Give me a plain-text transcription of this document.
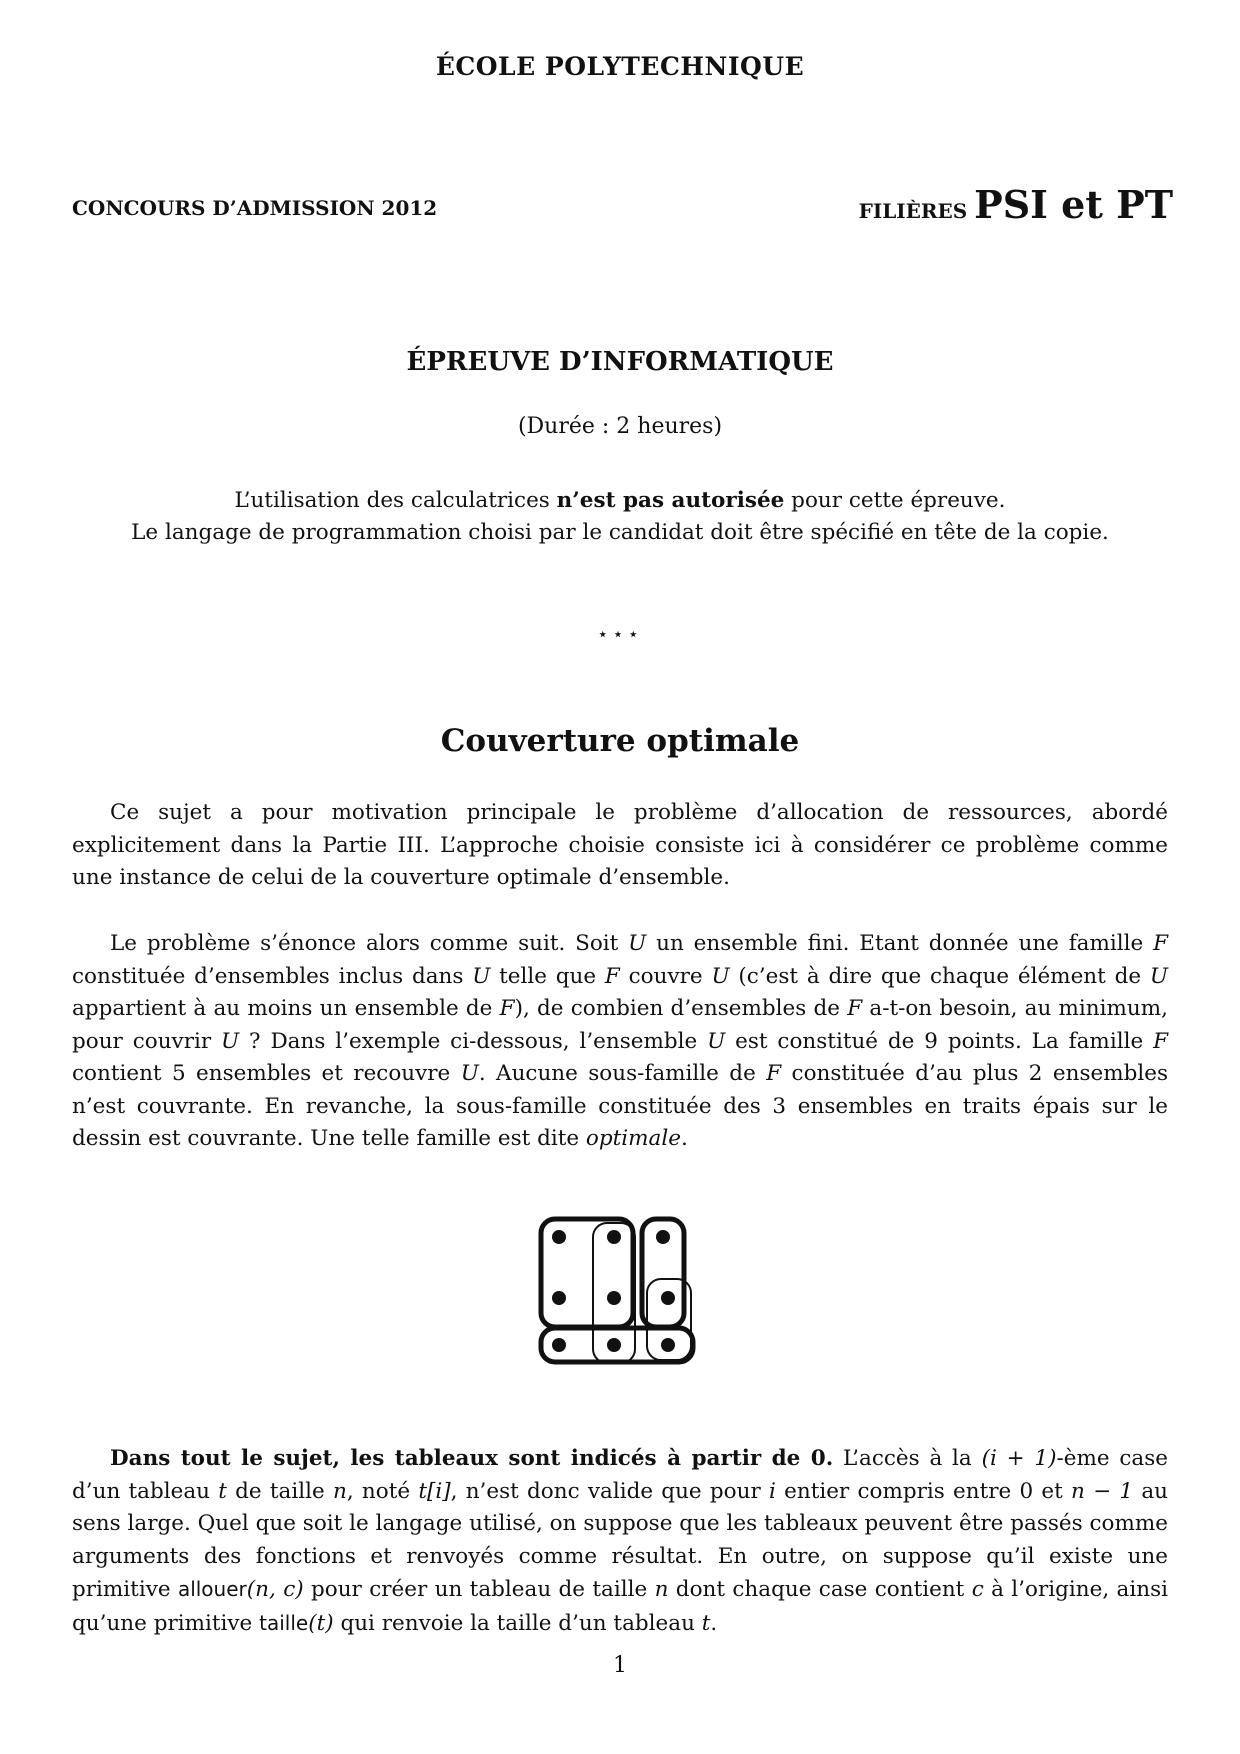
ÉCOLE POLYTECHNIQUE
CONCOURS D’ADMISSION 2012	FILIÈRES PSI et PT
ÉPREUVE D’INFORMATIQUE
(Durée : 2 heures)
L’utilisation des calculatrices n’est pas autorisée pour cette épreuve.
Le langage de programmation choisi par le candidat doit être spécifié en tête de la copie.
⋆⋆⋆
Couverture optimale
Ce sujet a pour motivation principale le problème d’allocation de ressources, abordé explicitement dans la Partie III. L’approche choisie consiste ici à considérer ce problème comme une instance de celui de la couverture optimale d’ensemble.
Le problème s’énonce alors comme suit. Soit U un ensemble fini. Etant donnée une famille F constituée d’ensembles inclus dans U telle que F couvre U (c’est à dire que chaque élément de U appartient à au moins un ensemble de F), de combien d’ensembles de F a-t-on besoin, au minimum, pour couvrir U ? Dans l’exemple ci-dessous, l’ensemble U est constitué de 9 points. La famille F contient 5 ensembles et recouvre U. Aucune sous-famille de F constituée d’au plus 2 ensembles n’est couvrante. En revanche, la sous-famille constituée des 3 ensembles en traits épais sur le dessin est couvrante. Une telle famille est dite optimale.
Dans tout le sujet, les tableaux sont indicés à partir de 0. L’accès à la (i + 1)-ème case d’un tableau t de taille n, noté t[i], n’est donc valide que pour i entier compris entre 0 et n − 1 au sens large. Quel que soit le langage utilisé, on suppose que les tableaux peuvent être passés comme arguments des fonctions et renvoyés comme résultat. En outre, on suppose qu’il existe une primitive allouer(n, c) pour créer un tableau de taille n dont chaque case contient c à l’origine, ainsi qu’une primitive taille(t) qui renvoie la taille d’un tableau t.
1
